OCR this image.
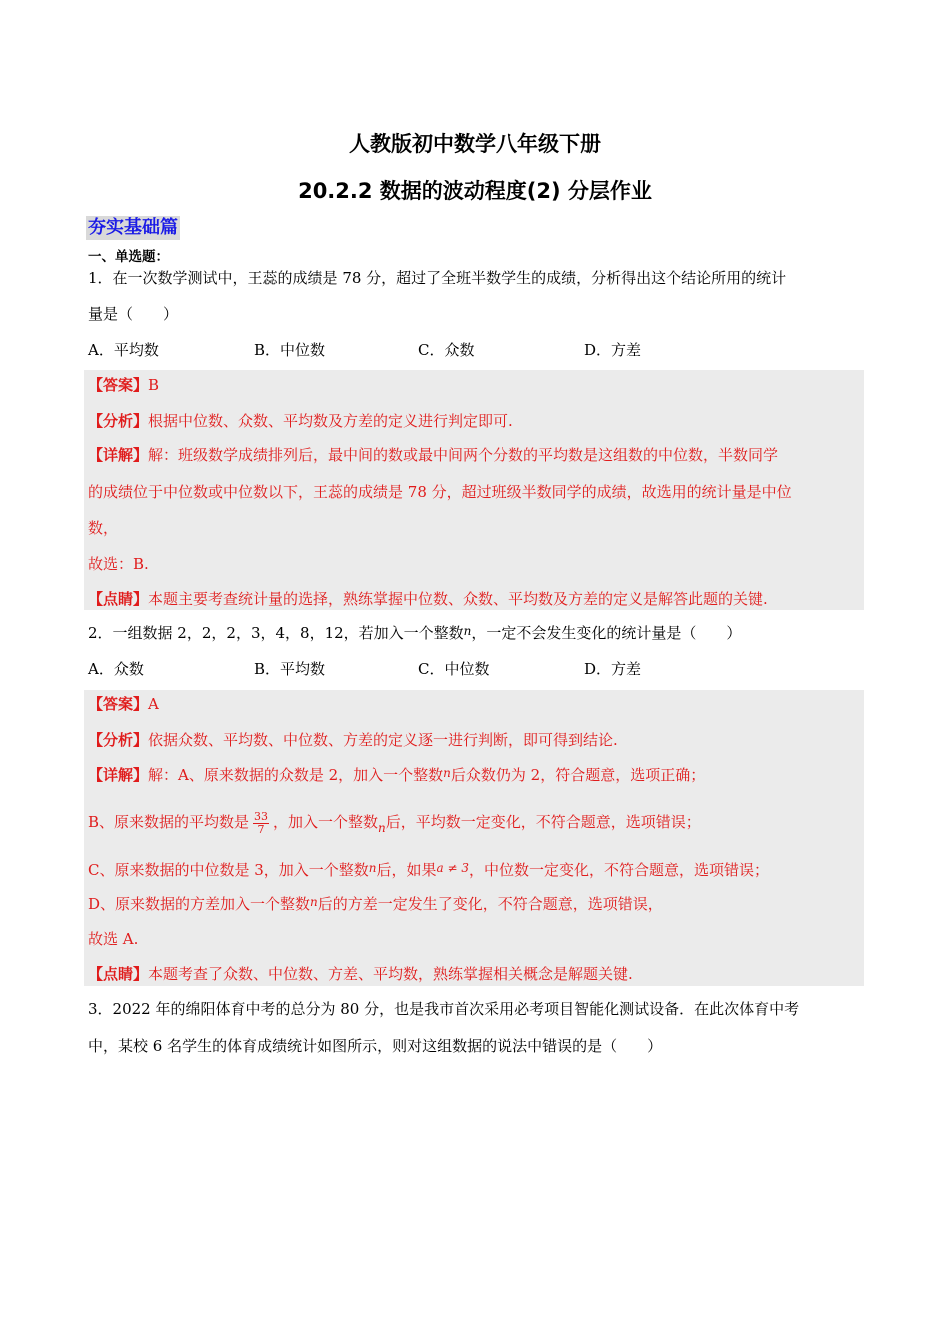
人教版初中数学八年级下册
20.2.2 数据的波动程度(2) 分层作业
夯实基础篇
一、单选题：
1．在一次数学测试中，王蕊的成绩是 78 分，超过了全班半数学生的成绩，分析得出这个结论所用的统计
量是（　　）
A．平均数	B．中位数	C．众数	D．方差
【答案】B
【分析】根据中位数、众数、平均数及方差的定义进行判定即可.
【详解】解：班级数学成绩排列后，最中间的数或最中间两个分数的平均数是这组数的中位数，半数同学
的成绩位于中位数或中位数以下，王蕊的成绩是 78 分，超过班级半数同学的成绩，故选用的统计量是中位
数，
故选：B.
【点睛】本题主要考查统计量的选择，熟练掌握中位数、众数、平均数及方差的定义是解答此题的关键.
2．一组数据 2，2，2，3，4，8，12，若加入一个整数$^n$，一定不会发生变化的统计量是（　　）
A．众数	B．平均数	C．中位数	D．方差
【答案】A
【分析】依据众数、平均数、中位数、方差的定义逐一进行判断，即可得到结论.
【详解】解：A、原来数据的众数是 2，加入一个整数$^n$后众数仍为 2，符合题意，选项正确；
B、原来数据的平均数是 $\frac{33}{7}$ ，加入一个整数$_n$后，平均数一定变化，不符合题意，选项错误；
C、原来数据的中位数是 3，加入一个整数$^n$后，如果$^{a \ne 3}$，中位数一定变化，不符合题意，选项错误；
D、原来数据的方差加入一个整数$^n$后的方差一定发生了变化，不符合题意，选项错误，
故选 A.
【点睛】本题考查了众数、中位数、方差、平均数，熟练掌握相关概念是解题关键.
3．2022 年的绵阳体育中考的总分为 80 分，也是我市首次采用必考项目智能化测试设备．在此次体育中考
中，某校 6 名学生的体育成绩统计如图所示，则对这组数据的说法中错误的是（　　）
